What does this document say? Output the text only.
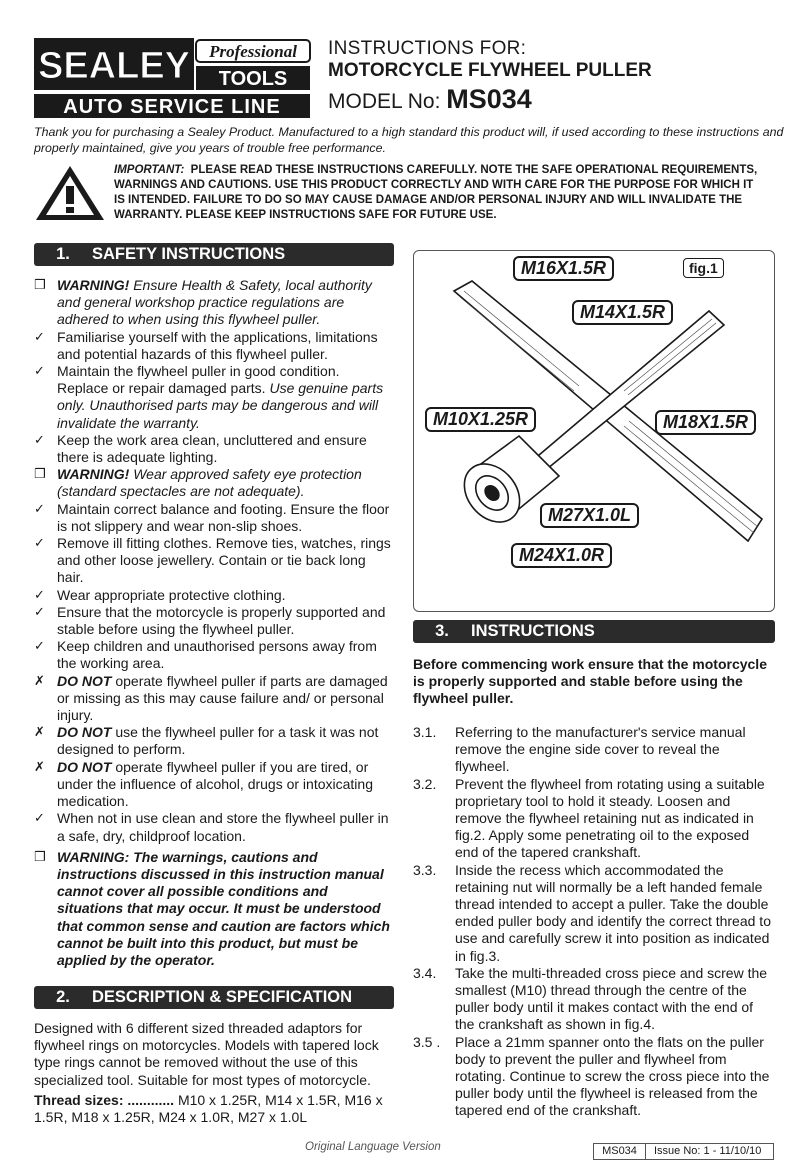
SEALEY Professional
TOOLS
AUTO SERVICE LINE
INSTRUCTIONS FOR:
MOTORCYCLE FLYWHEEL PULLER
MODEL No: MS034
Thank you for purchasing a Sealey Product. Manufactured to a high standard this product will, if used according to these instructions and properly maintained, give you years of trouble free performance.
IMPORTANT: PLEASE READ THESE INSTRUCTIONS CAREFULLY. NOTE THE SAFE OPERATIONAL REQUIREMENTS, WARNINGS AND CAUTIONS. USE THIS PRODUCT CORRECTLY AND WITH CARE FOR THE PURPOSE FOR WHICH IT IS INTENDED. FAILURE TO DO SO MAY CAUSE DAMAGE AND/OR PERSONAL INJURY AND WILL INVALIDATE THE WARRANTY. PLEASE KEEP INSTRUCTIONS SAFE FOR FUTURE USE.
1. SAFETY INSTRUCTIONS
❒ WARNING! Ensure Health & Safety, local authority and general workshop practice regulations are adhered to when using this flywheel puller.
✓ Familiarise yourself with the applications, limitations and potential hazards of this flywheel puller.
✓ Maintain the flywheel puller in good condition. Replace or repair damaged parts. Use genuine parts only. Unauthorised parts may be dangerous and will invalidate the warranty.
✓ Keep the work area clean, uncluttered and ensure there is adequate lighting.
❒ WARNING! Wear approved safety eye protection (standard spectacles are not adequate).
✓ Maintain correct balance and footing. Ensure the floor is not slippery and wear non-slip shoes.
✓ Remove ill fitting clothes. Remove ties, watches, rings and other loose jewellery. Contain or tie back long hair.
✓ Wear appropriate protective clothing.
✓ Ensure that the motorcycle is properly supported and stable before using the flywheel puller.
✓ Keep children and unauthorised persons away from the working area.
✗ DO NOT operate flywheel puller if parts are damaged or missing as this may cause failure and/ or personal injury.
✗ DO NOT use the flywheel puller for a task it was not designed to perform.
✗ DO NOT operate flywheel puller if you are tired, or under the influence of alcohol, drugs or intoxicating medication.
✓ When not in use clean and store the flywheel puller in a safe, dry, childproof location.
❒ WARNING: The warnings, cautions and instructions discussed in this instruction manual cannot cover all possible conditions and situations that may occur. It must be understood that common sense and caution are factors which cannot be built into this product, but must be applied by the operator.
2. DESCRIPTION & SPECIFICATION
Designed with 6 different sized threaded adaptors for flywheel rings on motorcycles. Models with tapered lock type rings cannot be removed without the use of this specialized tool. Suitable for most types of motorcycle.
Thread sizes: ............ M10 x 1.25R, M14 x 1.5R, M16 x 1.5R, M18 x 1.25R, M24 x 1.0R, M27 x 1.0L
fig.1
M16X1.5R
M14X1.5R
M10X1.25R	M18X1.5R
M27X1.0L
M24X1.0R
3. INSTRUCTIONS
Before commencing work ensure that the motorcycle is properly supported and stable before using the flywheel puller.
3.1. Referring to the manufacturer's service manual remove the engine side cover to reveal the flywheel.
3.2. Prevent the flywheel from rotating using a suitable proprietary tool to hold it steady. Loosen and remove the flywheel retaining nut as indicated in fig.2. Apply some penetrating oil to the exposed end of the tapered crankshaft.
3.3. Inside the recess which accommodated the retaining nut will normally be a left handed female thread intended to accept a puller. Take the double ended puller body and identify the correct thread to use and carefully screw it into position as indicated in fig.3.
3.4. Take the multi-threaded cross piece and screw the smallest (M10) thread through the centre of the puller body until it makes contact with the end of the crankshaft as shown in fig.4.
3.5 . Place a 21mm spanner onto the flats on the puller body to prevent the puller and flywheel from rotating. Continue to screw the cross piece into the puller body until the flywheel is released from the tapered end of the crankshaft.
Original Language Version	MS034 Issue No: 1 - 11/10/10
